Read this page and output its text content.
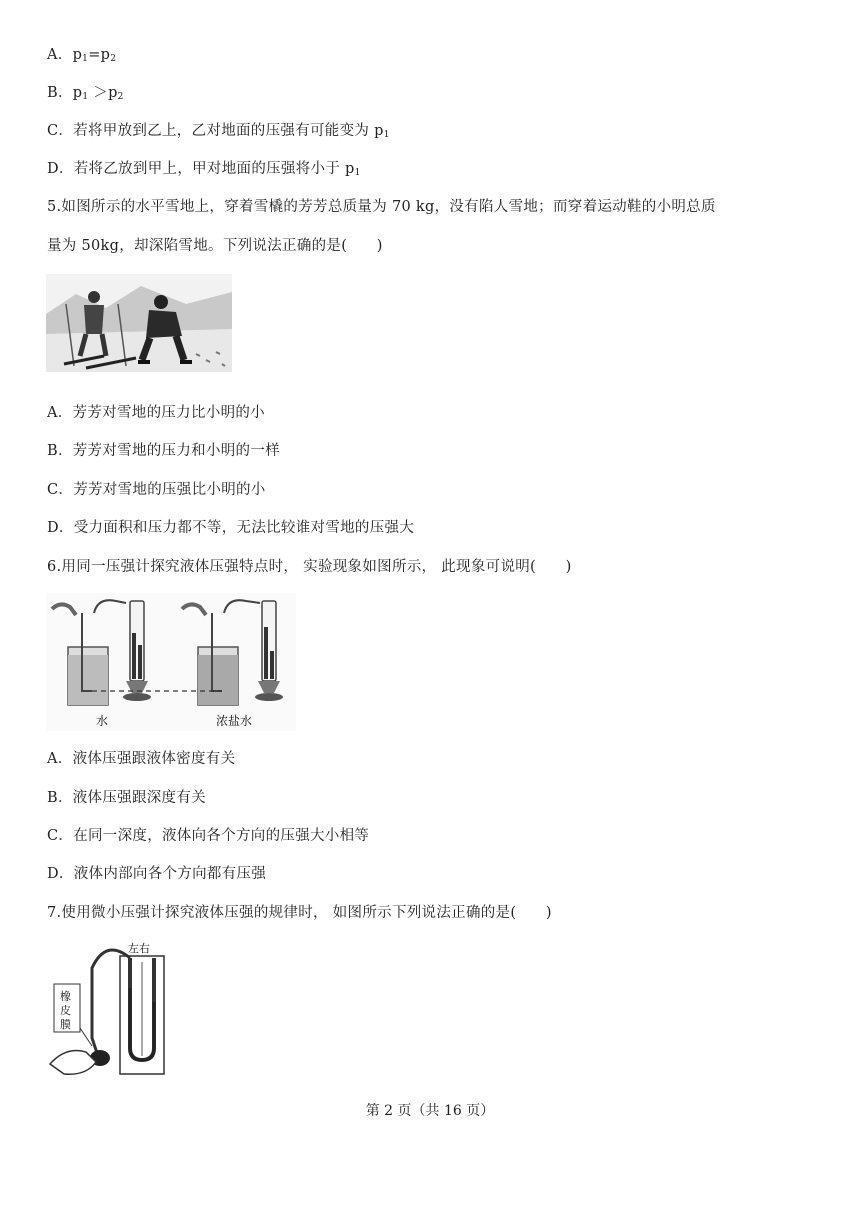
A．$p_1=p_2$
B．$p_1 >p_2$
C．若将甲放到乙上，乙对地面的压强有可能变为 $p_1$
D．若将乙放到甲上，甲对地面的压强将小于 $p_1$
5.如图所示的水平雪地上，穿着雪橇的芳芳总质量为 70 kg，没有陷人雪地；而穿着运动鞋的小明总质
量为 50kg，却深陷雪地。下列说法正确的是(　　)
A．芳芳对雪地的压力比小明的小
B．芳芳对雪地的压力和小明的一样
C．芳芳对雪地的压强比小明的小
D．受力面积和压力都不等，无法比较谁对雪地的压强大
6.用同一压强计探究液体压强特点时， 实验现象如图所示， 此现象可说明(　　)
水	浓盐水
A．液体压强跟液体密度有关
B．液体压强跟深度有关
C．在同一深度，液体向各个方向的压强大小相等
D．液体内部向各个方向都有压强
7.使用微小压强计探究液体压强的规律时， 如图所示下列说法正确的是(　　)
左右
橡
皮
膜
第 2 页（共 16 页）
